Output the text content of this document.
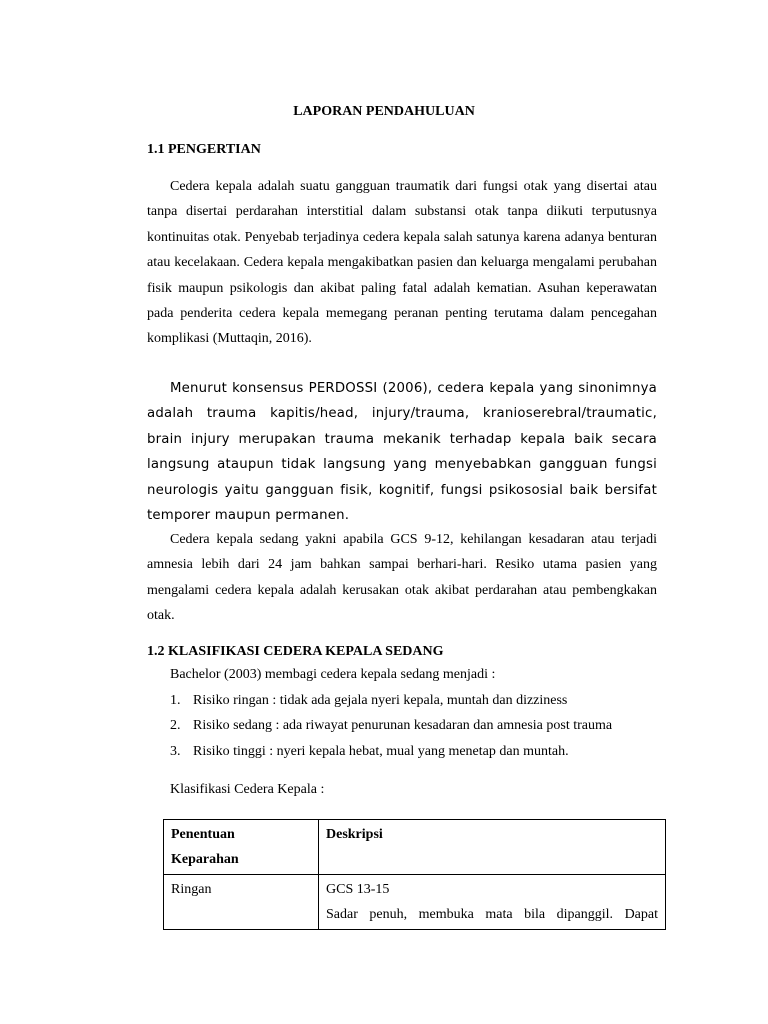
LAPORAN PENDAHULUAN
1.1 PENGERTIAN

Cedera kepala adalah suatu gangguan traumatik dari fungsi otak yang disertai atau tanpa disertai perdarahan interstitial dalam substansi otak tanpa diikuti terputusnya kontinuitas otak. Penyebab terjadinya cedera kepala salah satunya karena adanya benturan atau kecelakaan. Cedera kepala mengakibatkan pasien dan keluarga mengalami perubahan fisik maupun psikologis dan akibat paling fatal adalah kematian. Asuhan keperawatan pada penderita cedera kepala memegang peranan penting terutama dalam pencegahan komplikasi (Muttaqin, 2016).

Menurut konsensus PERDOSSI (2006), cedera kepala yang sinonimnya adalah trauma kapitis/head, injury/trauma, kranioserebral/traumatic, brain injury merupakan trauma mekanik terhadap kepala baik secara langsung ataupun tidak langsung yang menyebabkan gangguan fungsi neurologis yaitu gangguan fisik, kognitif, fungsi psikososial baik bersifat temporer maupun permanen.

Cedera kepala sedang yakni apabila GCS 9-12, kehilangan kesadaran atau terjadi amnesia lebih dari 24 jam bahkan sampai berhari-hari. Resiko utama pasien yang mengalami cedera kepala adalah kerusakan otak akibat perdarahan atau pembengkakan otak.

1.2 KLASIFIKASI CEDERA KEPALA SEDANG
Bachelor (2003) membagi cedera kepala sedang menjadi :
1. Risiko ringan : tidak ada gejala nyeri kepala, muntah dan dizziness
2. Risiko sedang : ada riwayat penurunan kesadaran dan amnesia post trauma
3. Risiko tinggi : nyeri kepala hebat, mual yang menetap dan muntah.
Klasifikasi Cedera Kepala :
Penentuan
Keparahan	Deskripsi

Ringan	GCS 13-15
Sadar penuh, membuka mata bila dipanggil. Dapat
